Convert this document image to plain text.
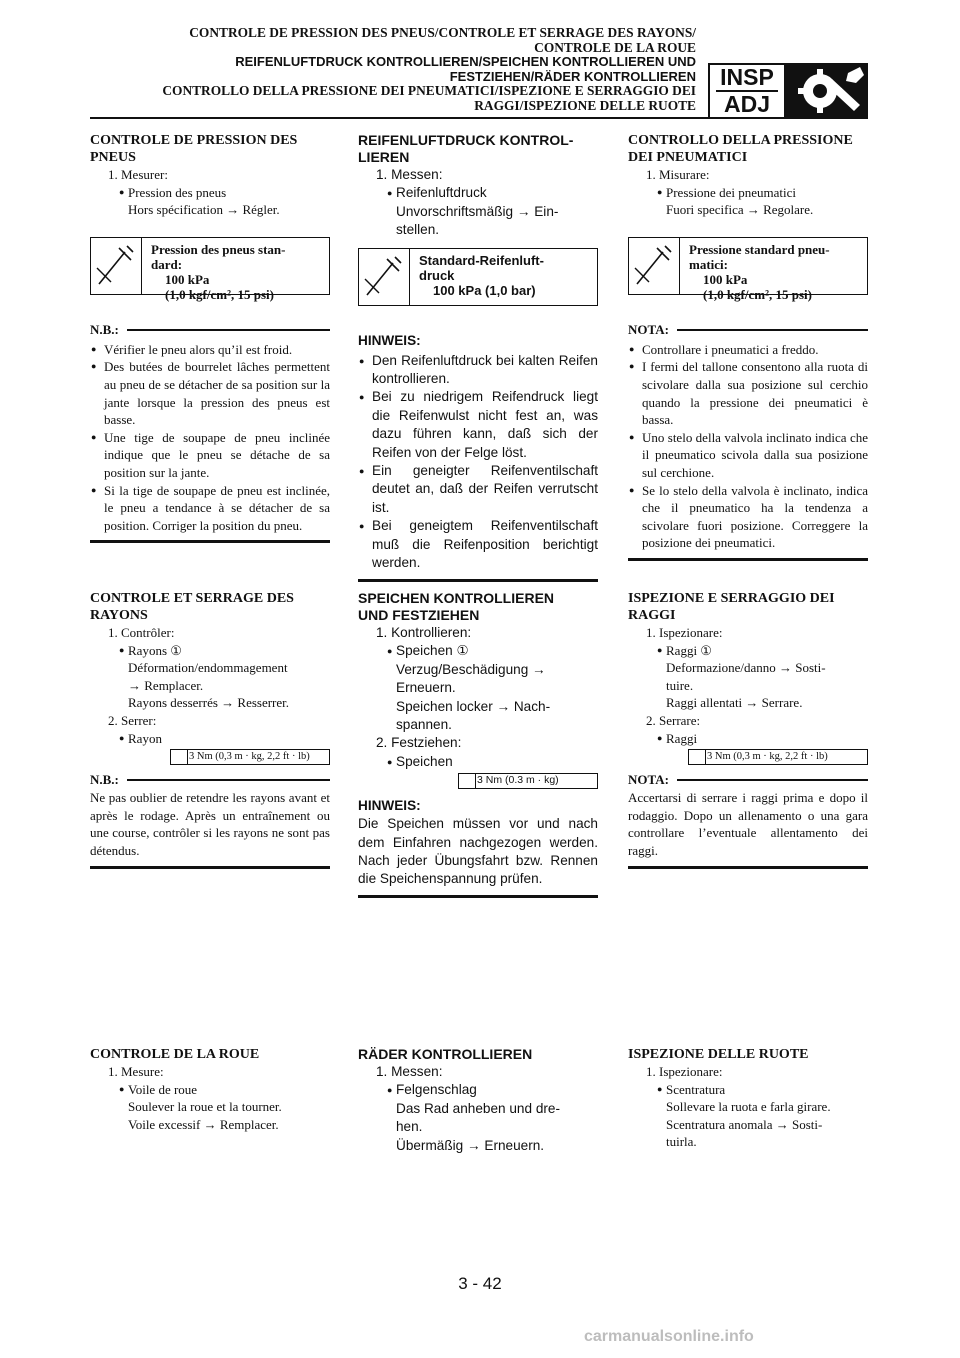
CONTROLE DE PRESSION DES PNEUS/CONTROLE ET SERRAGE DES RAYONS/
CONTROLE DE LA ROUE
REIFENLUFTDRUCK KONTROLLIEREN/SPEICHEN KONTROLLIEREN UND
FESTZIEHEN/RÄDER KONTROLLIEREN
CONTROLLO DELLA PRESSIONE DEI PNEUMATICI/ISPEZIONE E SERRAGGIO DEI
RAGGI/ISPEZIONE DELLE RUOTE
INSP
ADJ
CONTROLE DE PRESSION DES
PNEUS
1. Mesurer:
● Pression des pneus
Hors spécification → Régler.
Pression des pneus stan-
dard:
100 kPa
(1,0 kgf/cm², 15 psi)
N.B.:
● Vérifier le pneu alors qu’il est froid.
● Des butées de bourrelet lâches permettent au pneu de se détacher de sa position sur la jante lorsque la pression des pneus est basse.
● Une tige de soupape de pneu inclinée indique que le pneu se détache de sa position sur la jante.
● Si la tige de soupape de pneu est inclinée, le pneu a tendance à se détacher de sa position. Corriger la position du pneu.
CONTROLE ET SERRAGE DES
RAYONS
1. Contrôler:
● Rayons ①
Déformation/endommagement
→ Remplacer.
Rayons desserrés → Resserrer.
2. Serrer:
● Rayon
3 Nm (0,3 m · kg, 2,2 ft · lb)
N.B.:
Ne pas oublier de retendre les rayons avant et après le rodage. Après un entraînement ou une course, contrôler si les rayons ne sont pas détendus.
CONTROLE DE LA ROUE
1. Mesure:
● Voile de roue
Soulever la roue et la tourner.
Voile excessif → Remplacer.
REIFENLUFTDRUCK KONTROL-
LIEREN
1. Messen:
● Reifenluftdruck
Unvorschriftsmäßig → Ein-
stellen.
Standard-Reifenluft-
druck
100 kPa (1,0 bar)
HINWEIS:
● Den Reifenluftdruck bei kalten Reifen kontrollieren.
● Bei zu niedrigem Reifendruck liegt die Reifenwulst nicht fest an, was dazu führen kann, daß sich der Reifen von der Felge löst.
● Ein geneigter Reifenventilschaft deutet an, daß der Reifen verrutscht ist.
● Bei geneigtem Reifenventilschaft muß die Reifenposition berichtigt werden.
SPEICHEN KONTROLLIEREN
UND FESTZIEHEN
1. Kontrollieren:
● Speichen ①
Verzug/Beschädigung →
Erneuern.
Speichen locker → Nach-
spannen.
2. Festziehen:
● Speichen
3 Nm (0.3 m · kg)
HINWEIS:
Die Speichen müssen vor und nach dem Einfahren nachgezogen werden. Nach jeder Übungsfahrt bzw. Rennen die Speichenspannung prüfen.
RÄDER KONTROLLIEREN
1. Messen:
● Felgenschlag
Das Rad anheben und dre-
hen.
Übermäßig → Erneuern.
CONTROLLO DELLA PRESSIONE
DEI PNEUMATICI
1. Misurare:
● Pressione dei pneumatici
Fuori specifica → Regolare.
Pressione standard pneu-
matici:
100 kPa
(1,0 kgf/cm², 15 psi)
NOTA:
● Controllare i pneumatici a freddo.
● I fermi del tallone consentono alla ruota di scivolare dalla sua posizione sul cerchio quando la pressione dei pneumatici è bassa.
● Uno stelo della valvola inclinato indica che il pneumatico scivola dalla sua posizione sul cerchione.
● Se lo stelo della valvola è inclinato, indica che il pneumatico ha la tendenza a scivolare fuori posizione. Correggere la posizione dei pneumatici.
ISPEZIONE E SERRAGGIO DEI
RAGGI
1. Ispezionare:
● Raggi ①
Deformazione/danno → Sosti-
tuire.
Raggi allentati → Serrare.
2. Serrare:
● Raggi
3 Nm (0,3 m · kg, 2,2 ft · lb)
NOTA:
Accertarsi di serrare i raggi prima e dopo il rodaggio. Dopo un allenamento o una gara controllare l’eventuale allentamento dei raggi.
ISPEZIONE DELLE RUOTE
1. Ispezionare:
● Scentratura
Sollevare la ruota e farla girare.
Scentratura anomala → Sosti-
tuirla.
3 - 42
carmanualsonline.info
